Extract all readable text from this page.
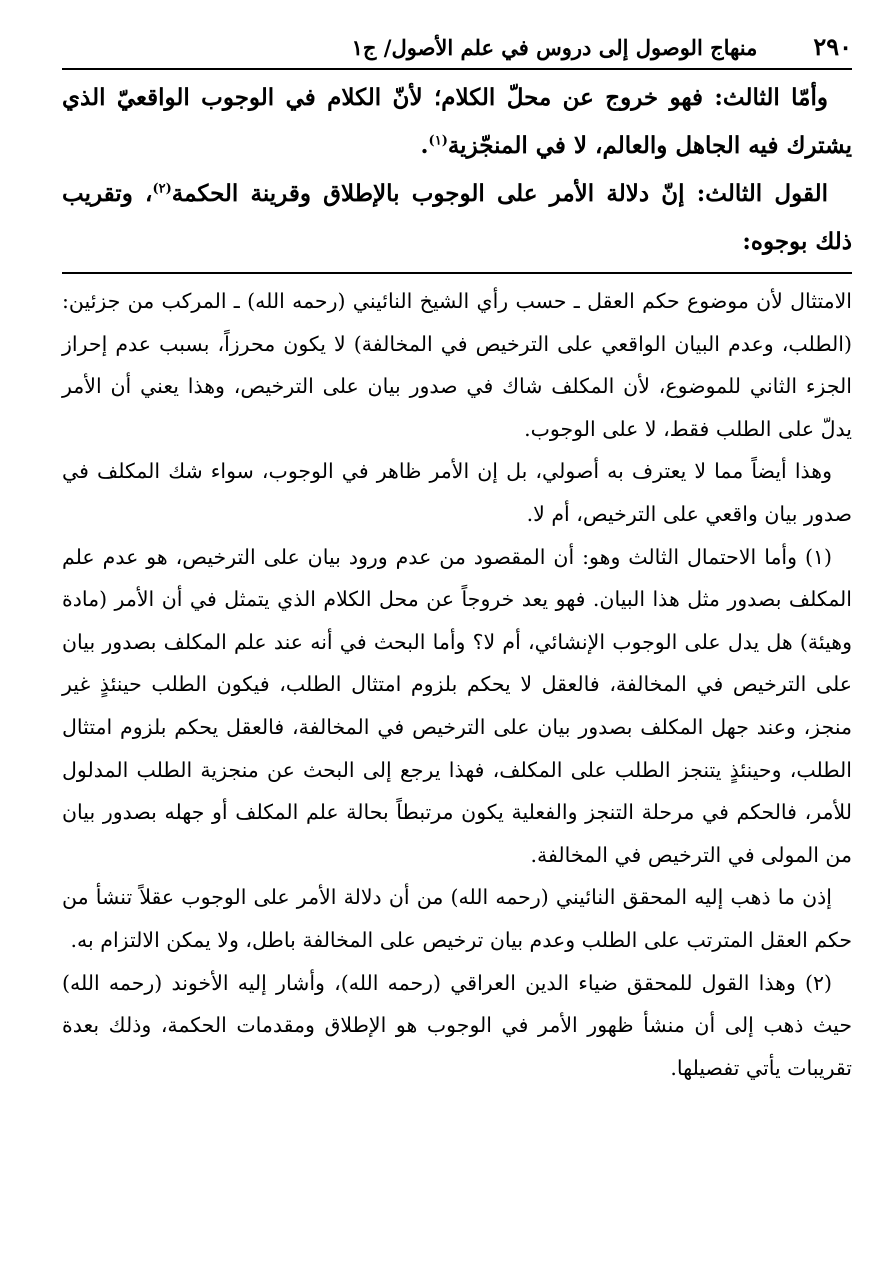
٢٩٠
منهاج الوصول إلى دروس في علم الأصول/ ج١

وأمّا الثالث: فهو خروج عن محلّ الكلام؛ لأنّ الكلام في الوجوب الواقعيّ الذي يشترك فيه الجاهل والعالم، لا في المنجّزية$^{(١)}$.

القول الثالث: إنّ دلالة الأمر على الوجوب بالإطلاق وقرينة الحكمة$^{(٢)}$، وتقريب ذلك بوجوه:

الامتثال لأن موضوع حكم العقل ـ حسب رأي الشيخ النائيني (رحمه الله) ـ المركب من جزئين: (الطلب، وعدم البيان الواقعي على الترخيص في المخالفة) لا يكون محرزاً، بسبب عدم إحراز الجزء الثاني للموضوع، لأن المكلف شاك في صدور بيان على الترخيص، وهذا يعني أن الأمر يدلّ على الطلب فقط، لا على الوجوب.

وهذا أيضاً مما لا يعترف به أصولي، بل إن الأمر ظاهر في الوجوب، سواء شك المكلف في صدور بيان واقعي على الترخيص، أم لا.

(١) وأما الاحتمال الثالث وهو: أن المقصود من عدم ورود بيان على الترخيص، هو عدم علم المكلف بصدور مثل هذا البيان. فهو يعد خروجاً عن محل الكلام الذي يتمثل في أن الأمر (مادة وهيئة) هل يدل على الوجوب الإنشائي، أم لا؟ وأما البحث في أنه عند علم المكلف بصدور بيان على الترخيص في المخالفة، فالعقل لا يحكم بلزوم امتثال الطلب، فيكون الطلب حينئذٍ غير منجز، وعند جهل المكلف بصدور بيان على الترخيص في المخالفة، فالعقل يحكم بلزوم امتثال الطلب، وحينئذٍ يتنجز الطلب على المكلف، فهذا يرجع إلى البحث عن منجزية الطلب المدلول للأمر، فالحكم في مرحلة التنجز والفعلية يكون مرتبطاً بحالة علم المكلف أو جهله بصدور بيان من المولى في الترخيص في المخالفة.

إذن ما ذهب إليه المحقق النائيني (رحمه الله) من أن دلالة الأمر على الوجوب عقلاً تنشأ من حكم العقل المترتب على الطلب وعدم بيان ترخيص على المخالفة باطل، ولا يمكن الالتزام به.

(٢) وهذا القول للمحقق ضياء الدين العراقي (رحمه الله)، وأشار إليه الأخوند (رحمه الله) حيث ذهب إلى أن منشأ ظهور الأمر في الوجوب هو الإطلاق ومقدمات الحكمة، وذلك بعدة تقريبات يأتي تفصيلها.
